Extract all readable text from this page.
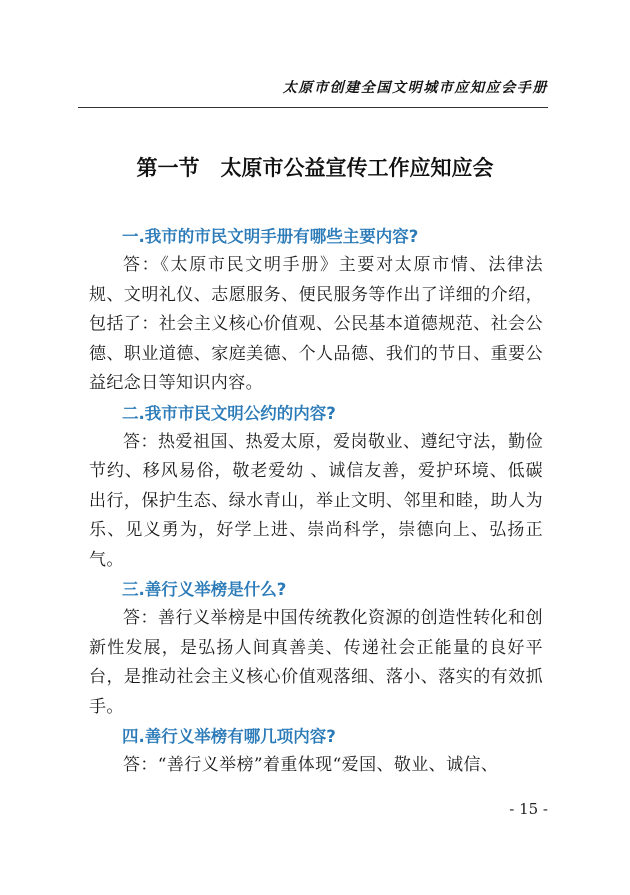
太原市创建全国文明城市应知应会手册
第一节　太原市公益宣传工作应知应会

一.我市的市民文明手册有哪些主要内容?

答：《太原市民文明手册》主要对太原市情、法律法规、文明礼仪、志愿服务、便民服务等作出了详细的介绍，包括了：社会主义核心价值观、公民基本道德规范、社会公德、职业道德、家庭美德、个人品德、我们的节日、重要公益纪念日等知识内容。

二.我市市民文明公约的内容?

答：热爱祖国、热爱太原，爱岗敬业、遵纪守法，勤俭节约、移风易俗，敬老爱幼 、诚信友善，爱护环境、低碳出行，保护生态、绿水青山，举止文明、邻里和睦，助人为乐、见义勇为，好学上进、崇尚科学，崇德向上、弘扬正气。

三.善行义举榜是什么?

答：善行义举榜是中国传统教化资源的创造性转化和创新性发展，是弘扬人间真善美、传递社会正能量的良好平台，是推动社会主义核心价值观落细、落小、落实的有效抓手。

四.善行义举榜有哪几项内容?

答：“善行义举榜”着重体现“爱国、敬业、诚信、

- 15 -
